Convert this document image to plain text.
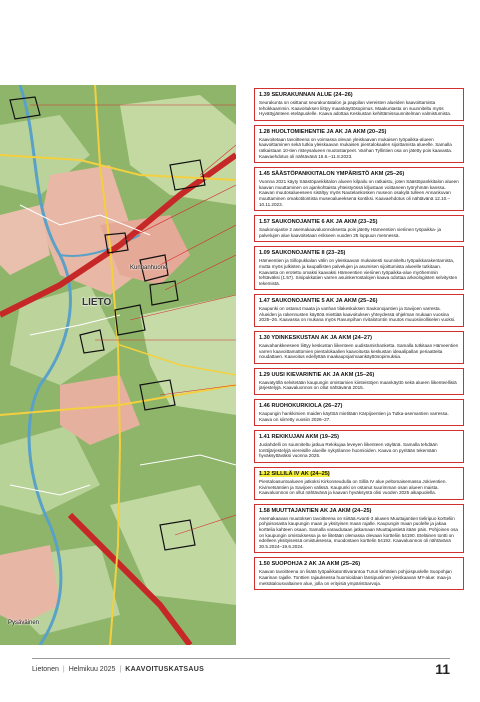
LIETO
Kunnanhuone
Pysäväinen

1.39 SEURAKUNNAN ALUE (24–26)

Seurakunta on osittanut seurakuntatalon ja pappilan viereisten alueiden kaavoittamista tehokkaammin. Kaavoituksen liittyy maankäyttösopimus. Maakuntasta on suunniteltu myös Hyvättyjänteen eteläpuolelle. Kaava adottaa Keskustan kehittämissuunnitelman valmistumista.

1.28 HUOLTOMIEHENTIE JA AK JA AKM (20–25)

Kaavoitetaan tavoitteena on voimassa olevan yleiskaavan mukaisen työpaikka-alueen kaavoittaminen sekä tutkia yleiskaavan mukaisen pientalokaalen sijoittamista alueelle. Samalla ratkaistaan 10-tien risteysalueen muotostarpeet. Vanhan Tyllintien osa on jätetty pois kaavasta. Kaavaehdotus oli nähtävänä 15.6.–11.8.2023.

1.45 SÄÄSTÖPANKKITALON YMPÄRISTÖ AKM (25–26)

Vuonna 2021 käyty Säästöpankkitalon alueen kilpailu on ratkaistu, joten Säästöpankkitalon alueen kaavan muuttaminen on ajankohtaista yhteistyössä kiljustaan voittaneen työryhmän kanssa. Kaavan muutosalueeseen sisältyy myös Nautelankosken museon osakylä tulleen Annankuvan muuttaminen omakotitontista museoalueeksenä kontiksi. Kaavaehdotus oli nähtävänä 12.10.–10.11.2023.

1.57 SAUKONOJANTIE 6 AK JA AKM (23–25)

Saukonojantie 2 asemakaavaluonnoksesta pois jätetty Hämeentien vieriinen työpaikka- ja palvelujen alue kaavoitetaan erikseen vuoden 25 loppuun mennessä.

1.09 SAUKONOJANTIE II (23–25)

Hämeentien ja Sillopukkalan välin on yleiskaavan mukaisesti suunniteltu työpaikkarakentamista, mutta myös julkisten ja kaupallisten palvelujen ja asumisen sijoittumista alueelle tutkitaan. Kaavasta on erotettu omaksi kaavaksi Hämeentien vieriinen työpaikka-alue myöhemmin tehtäväksi (1.57). Sinipukkatien varren asuinkerrostalojen kaava odottaa arkeologisten selvitysten tekemistä.

1.47 SAUKONOJANTIE 5 AK JA AKM (25–26)

Kaupunki on ostanut maata ja vanhan tilakeskuksen Saukonojantien ja Savijoen varresta. Alueiden ja rakennusten käyttöä miettiää kaavoituksen yhteydessä ohjelman mukaan vuosina 2025–26. Kaavassa on mukana myös Ravunpihan rivitalotontin muutos muuosiivolliselen vuoksi.

1.30 YDINKESKUSTAN AK JA AKM (24–27)

Kaavahankkeeseen liittyy keskustan liikenteen uudistamishanketta. Samalla tutkitaan Hämeentien varren kaavoittamattomien pientalokaalien kaavoitusta keskustan ideaalipallan periaatteita noudattaen. Kaavoitus edellyttää maakaupoja/maankäyttösopimuksia.

1.29 UUSI KIEVARINTIE AK JA AKM (15–26)

Kaavatyöllä selvitetään kaupungin omistamien kiinteistöjen maankäyttö sekä alueen liikenteellisiä järjestelyjä. Kaavaluonnos on ollut nähtävänä 2015.

1.46 RUOHOKURKIOLA (26–27)

Kaupungin hankkimien maiden käyttöä mietitään Kärpijoentien ja Tutka-asemantien varressa. Kaava on siirretty vuosiin 2026–27.

1.41 REKIKUJAN AKM (19–25)

Juolahdelli on suunniteltu jatkua Rekikujaa leveyen liikenteen väylänä. Samalla tehdään tonttijärjestelyjä viereisille alueille nykytilanne huomioiden. Kaava on pyritään tekemään hyväksyttäväksi vuonna 2025.

1.12 SILLILÄ IV AK (24–25)

Pientaloasuntoalueen jatkoksi Kirkonseudulla on Silliä IV alue peltomaisemassa Jokiventien. Kivimetsäntien ja Savijoen välissä. Kaupunki on ostanut suurimman osan alueen maista. Kaavaluonnos on ollut nähtävänä ja kaavan hyväksyntä olisi vuoden 2025 aikapuolella.

1.58 MUUTTAJANTIEN AK JA AKM (24–25)

Asemakaavan muutoksen tavoitteena on siirtää Avanti-3 aluwen Muuttajantien tieliripuo kortteliin pohjoisosasta kaupungin maan ja yksityisen maan rajalle. Kaupungin maan puolelle ja jakaa korttelia kahteen osaan. Samalla varaudutaan jatkamaan Muuttajantietä itään päin. Pohjoinen osa on kaupungin omistuksessa ja se liitetään olemassa olevaan kortteliin 54190. Eteläinen tontti on edelleen yksityisessä omistuksessa, muodostaen korttelin 54192. Kaavaluonnos oli nähtävänä 30.5.2024–19.6.2024.

1.50 SUOPOHJA 2 AK JA AKM (25–26)

Kaavan tavoitteena on lisätä työpaikkatonttivarantoa Turun kehätien pohjoispuolelle Suopohjan Kaarinan rajalle. Tonttien rajauksessa huomioidaan länsipuolinen yleiskaavan MY-alue: maa-ja metsätalousvaltainen alue, jolla on erityisiä ympäristöarvoja.

Lietonen | Helmikuu 2025 | KAAVOITUSKATSAUS	11
